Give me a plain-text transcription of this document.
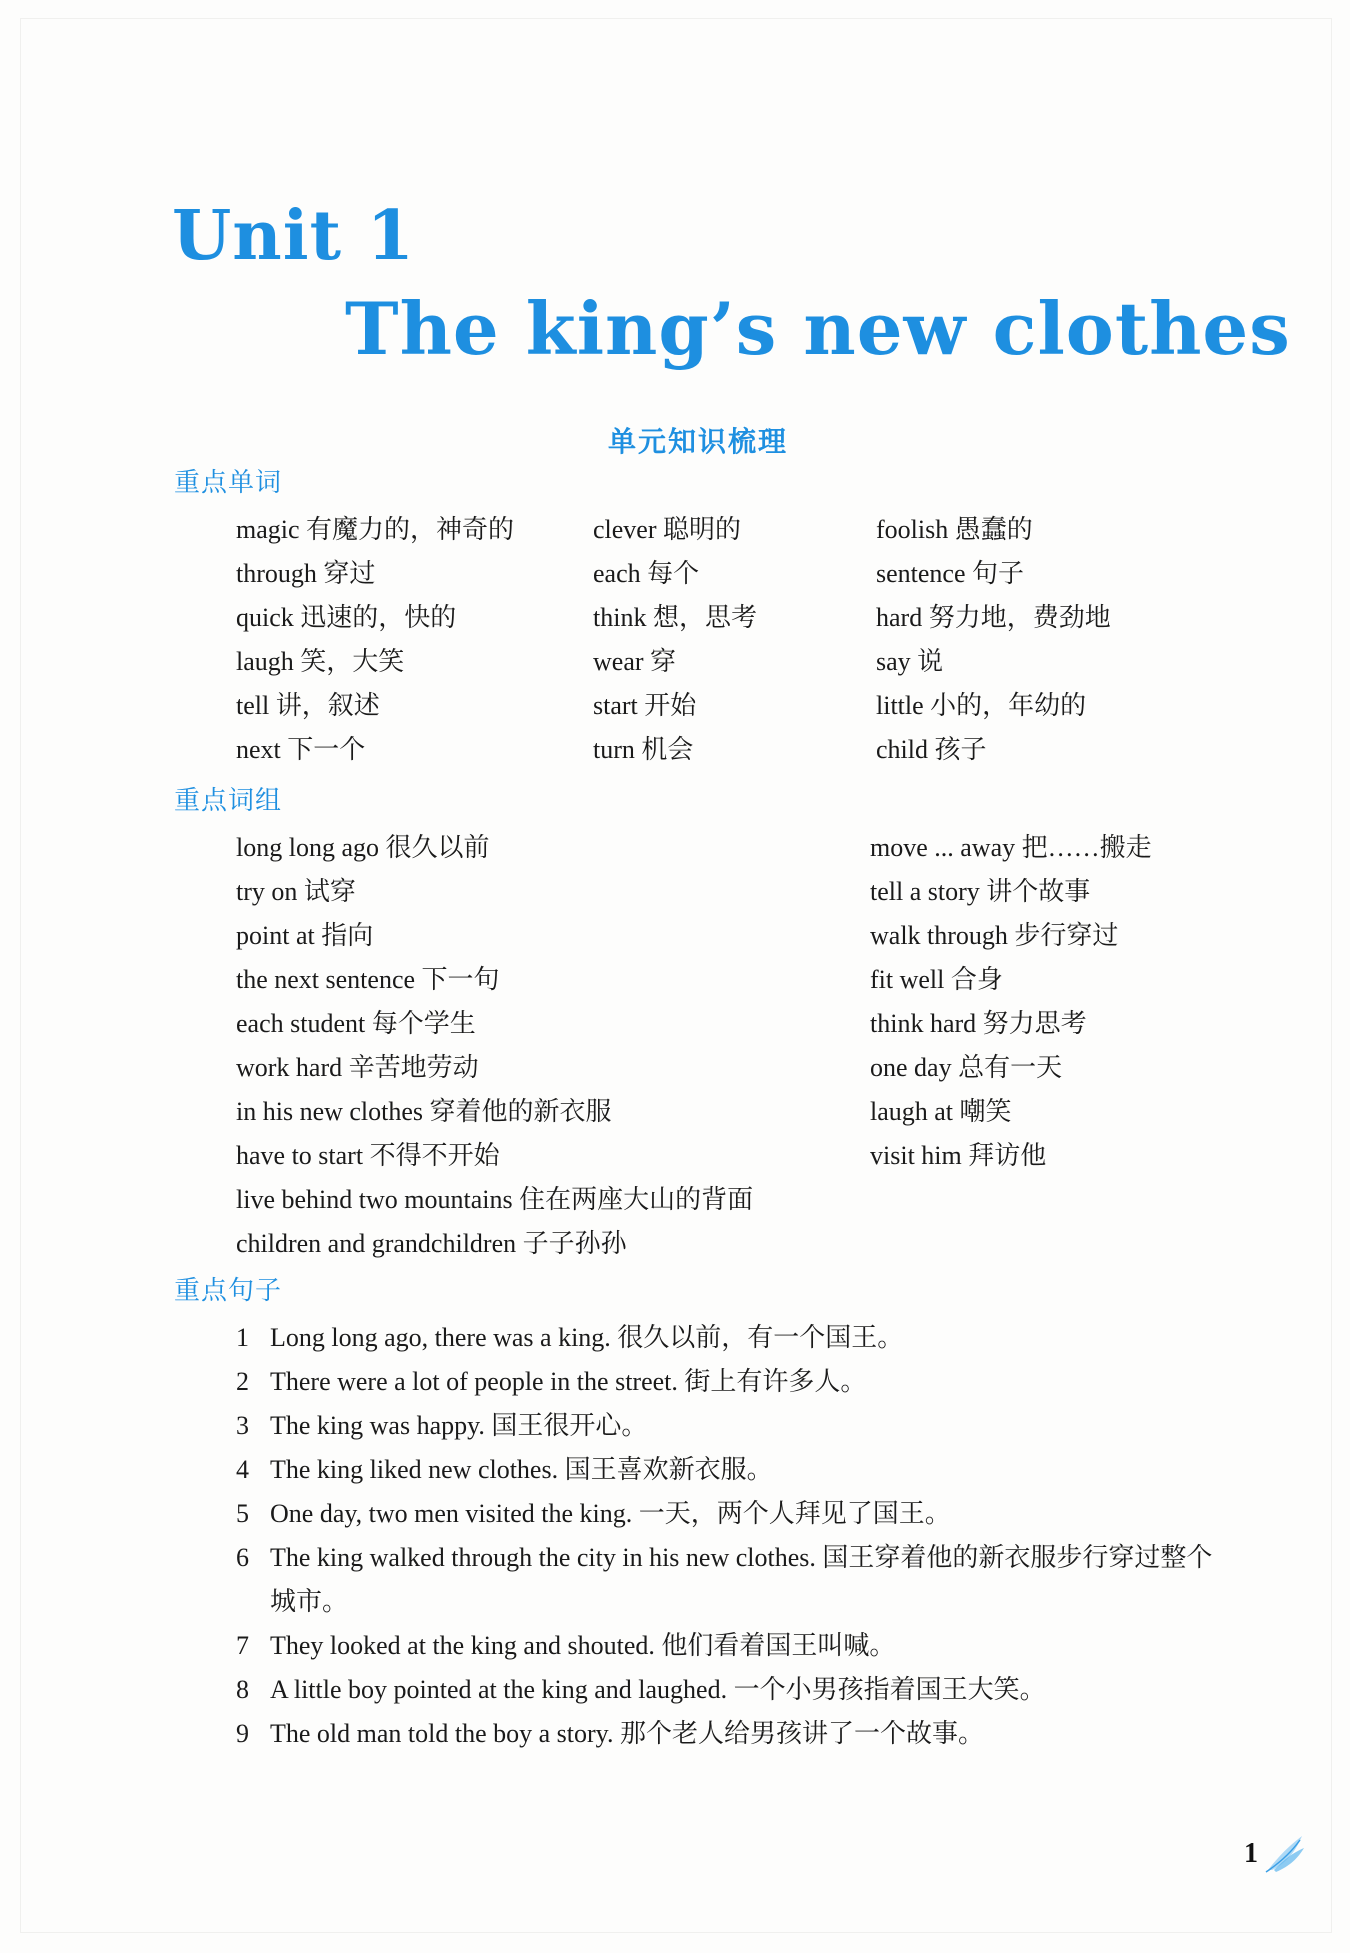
Unit 1
The king’s new clothes
单元知识梳理
重点单词
magic 有魔力的，神奇的	clever 聪明的	foolish 愚蠢的
through 穿过	each 每个	sentence 句子
quick 迅速的，快的	think 想，思考	hard 努力地，费劲地
laugh 笑，大笑	wear 穿	say 说
tell 讲，叙述	start 开始	little 小的，年幼的
next 下一个	turn 机会	child 孩子
重点词组
long long ago 很久以前	move ... away 把……搬走
try on 试穿	tell a story 讲个故事
point at 指向	walk through 步行穿过
the next sentence 下一句	fit well 合身
each student 每个学生	think hard 努力思考
work hard 辛苦地劳动	one day 总有一天
in his new clothes 穿着他的新衣服	laugh at 嘲笑
have to start 不得不开始	visit him 拜访他
live behind two mountains 住在两座大山的背面
children and grandchildren 子子孙孙
重点句子
1 Long long ago, there was a king. 很久以前，有一个国王。
2 There were a lot of people in the street. 街上有许多人。
3 The king was happy. 国王很开心。
4 The king liked new clothes. 国王喜欢新衣服。
5 One day, two men visited the king. 一天，两个人拜见了国王。
6 The king walked through the city in his new clothes. 国王穿着他的新衣服步行穿过整个城市。
7 They looked at the king and shouted. 他们看着国王叫喊。
8 A little boy pointed at the king and laughed. 一个小男孩指着国王大笑。
9 The old man told the boy a story. 那个老人给男孩讲了一个故事。
1
